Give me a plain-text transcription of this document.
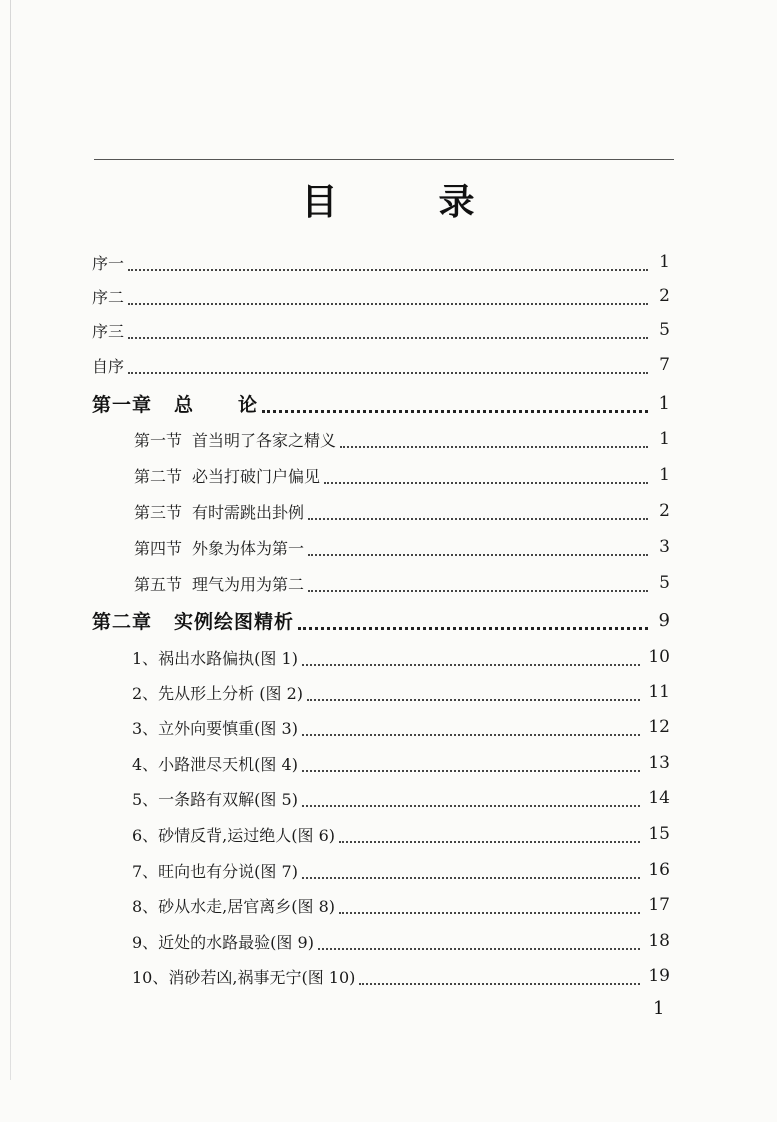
目	录
序一	1
序二	2
序三	5
自序	7
第一章 总 论	1
第一节 首当明了各家之精义	1
第二节 必当打破门户偏见	1
第三节 有时需跳出卦例	2
第四节 外象为体为第一	3
第五节 理气为用为第二	5
第二章 实例绘图精析	9
1、祸出水路偏执(图 1)	10
2、先从形上分析 (图 2)	11
3、立外向要慎重(图 3)	12
4、小路泄尽天机(图 4)	13
5、一条路有双解(图 5)	14
6、砂情反背,运过绝人(图 6)	15
7、旺向也有分说(图 7)	16
8、砂从水走,居官离乡(图 8)	17
9、近处的水路最验(图 9)	18
10、消砂若凶,祸事无宁(图 10)	19
1
